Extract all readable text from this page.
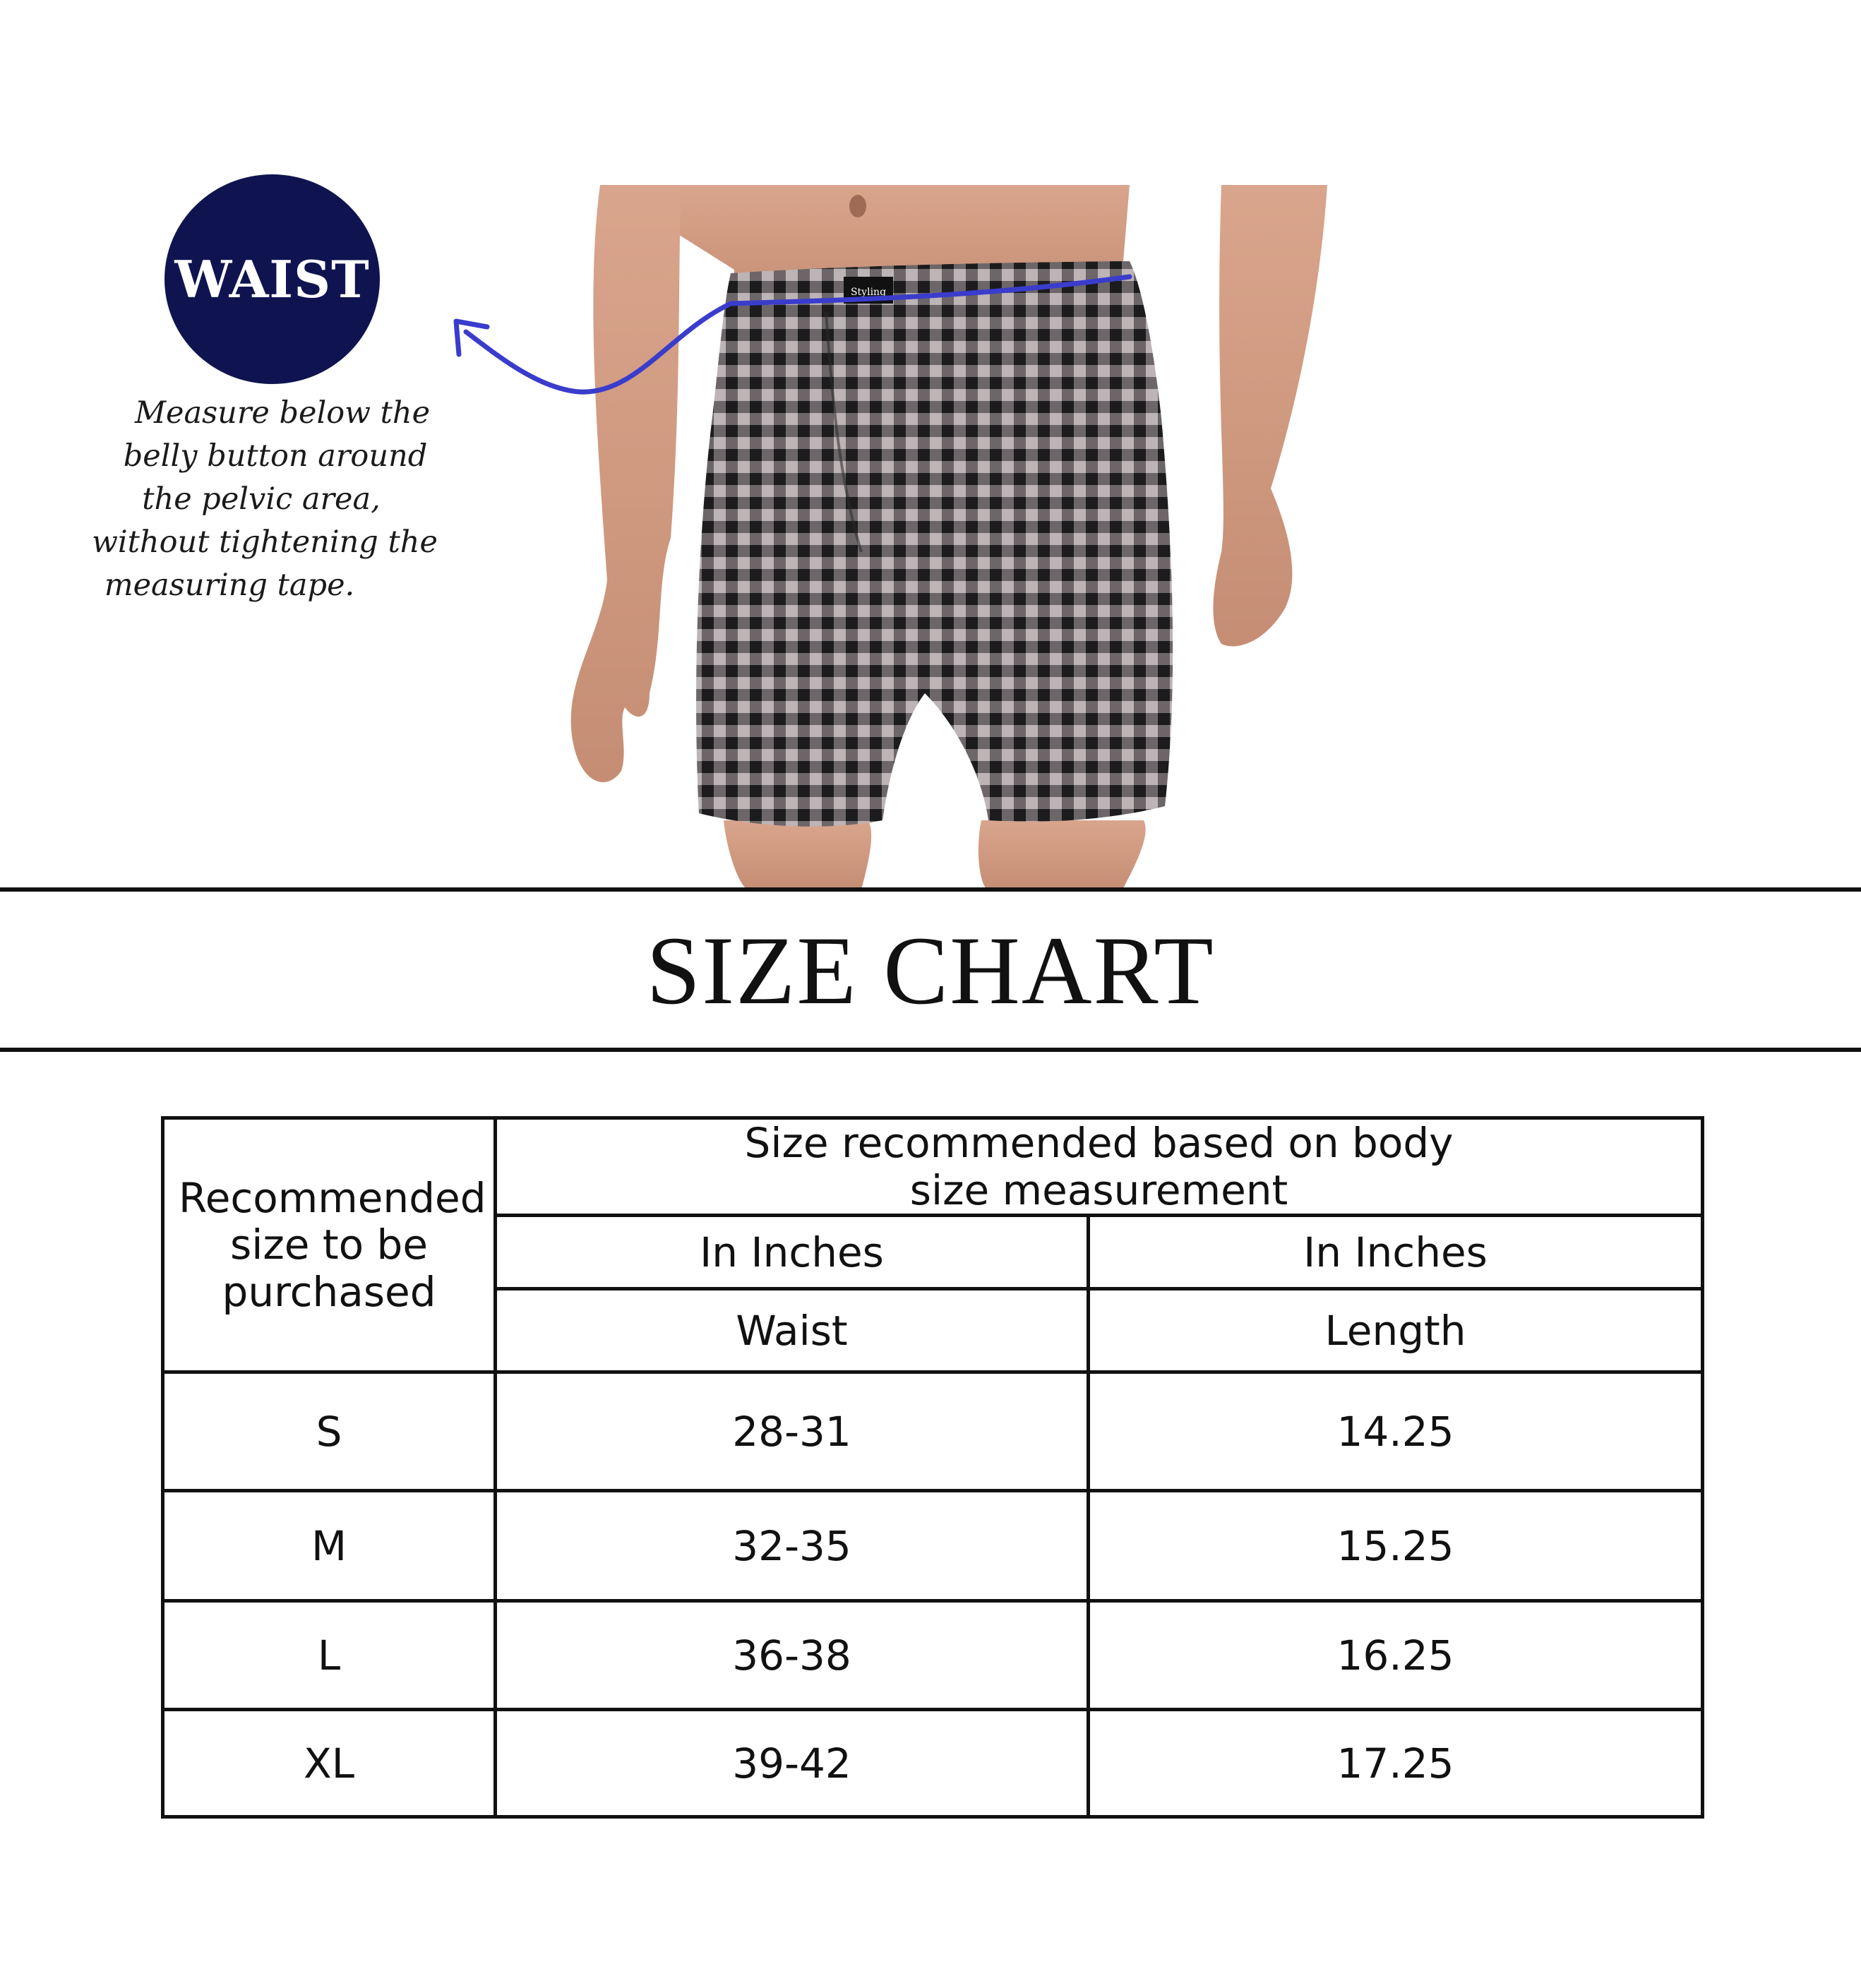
WAIST
Measure below the
belly button around
the pelvic area,
without tightening the
measuring tape.
Styling
SIZE CHART
Recommended size to be purchased	Size recommended based on body size measurement	
	In Inches	In Inches
	Waist	Length
S	28-31	14.25
M	32-35	15.25
L	36-38	16.25
XL	39-42	17.25
